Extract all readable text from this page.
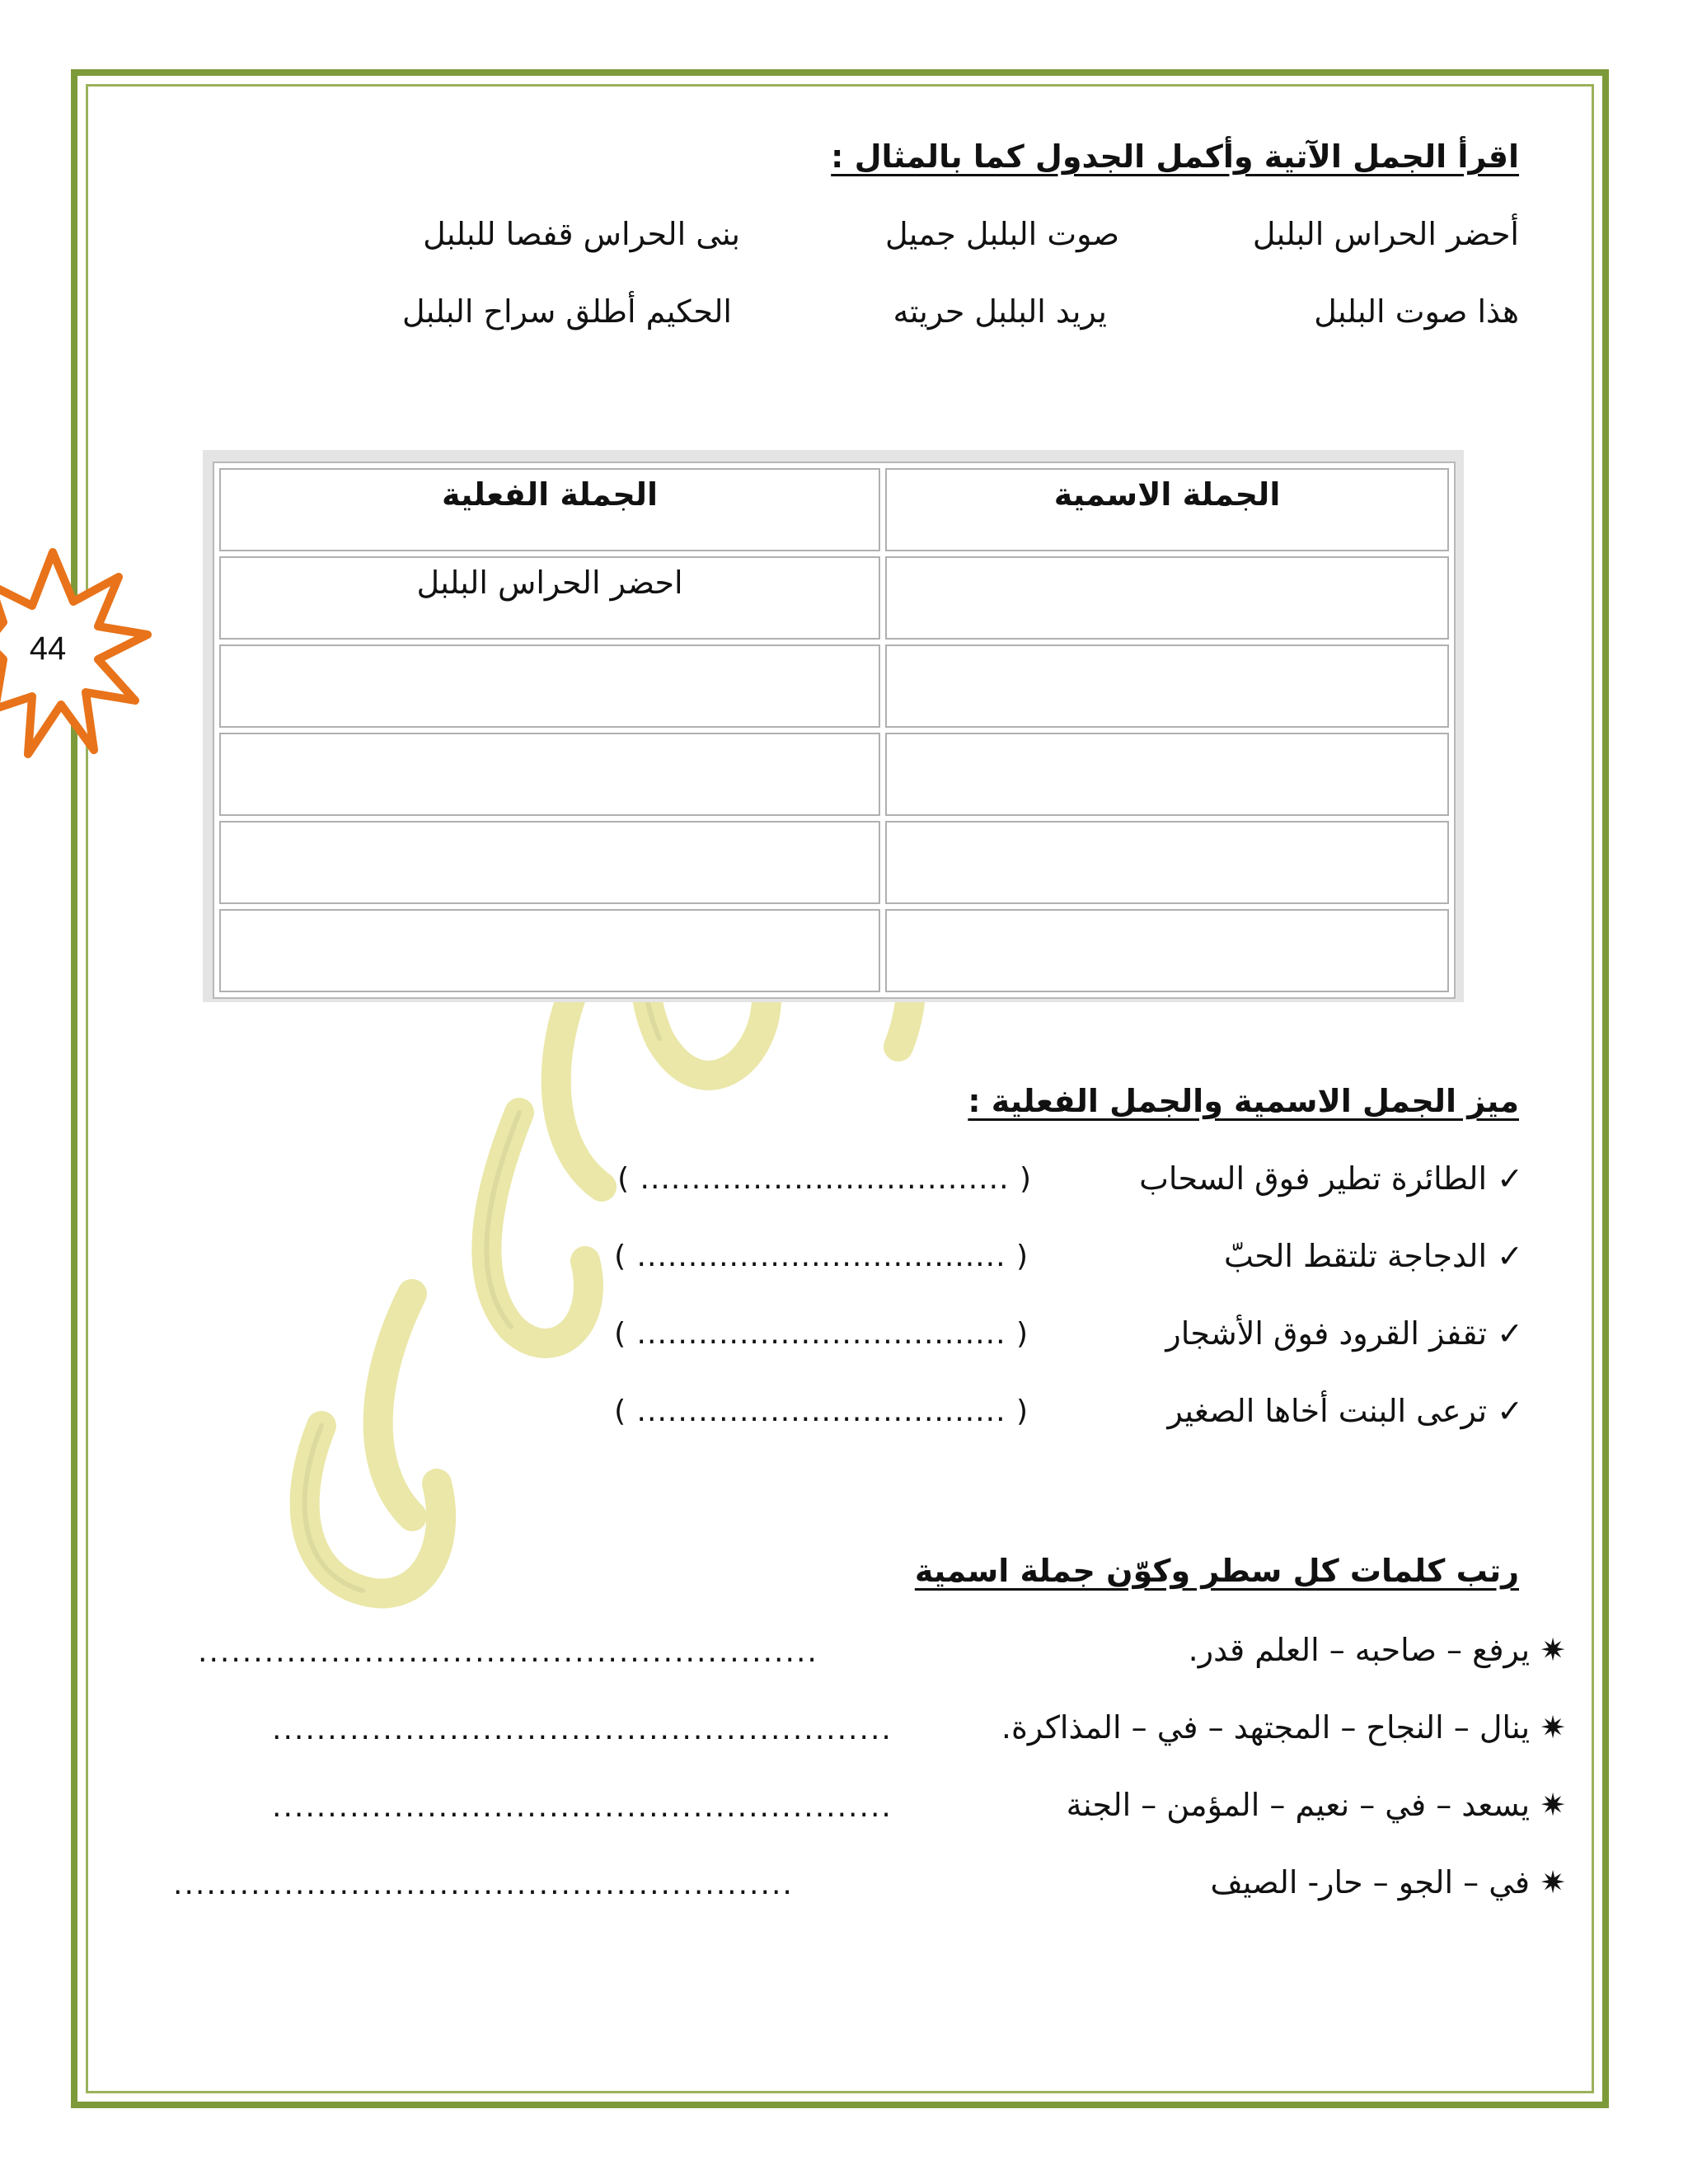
44
اقرأ الجمل الآتية وأكمل الجدول كما بالمثال :
أحضر الحراس البلبل
صوت البلبل جميل
بنى الحراس قفصا للبلبل
هذا صوت البلبل
يريد البلبل حريته
الحكيم أطلق سراح البلبل
الجملة الفعلية	الجملة الاسمية
احضر الحراس البلبل	

ميز الجمل الاسمية والجمل الفعلية :
✓ الطائرة تطير فوق السحاب
( .................................... )
✓ الدجاجة تلتقط الحبّ
( .................................... )
✓ تقفز القرود فوق الأشجار
( .................................... )
✓ ترعى البنت أخاها الصغير
( .................................... )
رتب كلمات كل سطر وكوّن جملة اسمية
✷ يرفع – صاحبه – العلم قدر.
........................................................
✷ ينال – النجاح – المجتهد – في – المذاكرة.
........................................................
✷ يسعد – في – نعيم – المؤمن – الجنة
........................................................
✷ في – الجو – حار- الصيف
........................................................
